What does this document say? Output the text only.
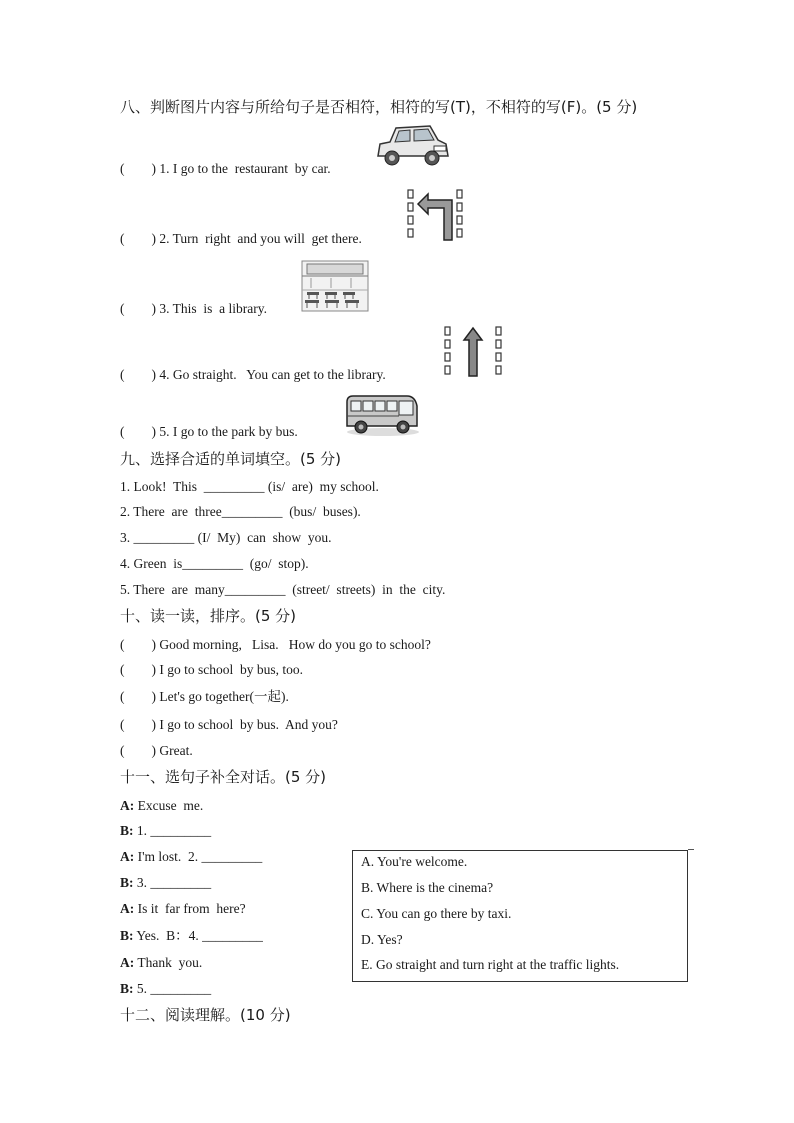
八、判断图片内容与所给句子是否相符，相符的写(T)，不相符的写(F)。(5 分)
(        ) 1. I go to the  restaurant  by car.
(        ) 2. Turn  right  and you will  get there.
(        ) 3. This  is  a library.
(        ) 4. Go straight.   You can get to the library.
(        ) 5. I go to the park by bus.
九、选择合适的单词填空。(5 分)
1. Look!  This  _________ (is/  are)  my school.
2. There  are  three_________  (bus/  buses).
3. _________ (I/  My)  can  show  you.
4. Green  is_________  (go/  stop).
5. There  are  many_________  (street/  streets)  in  the  city.
十、读一读，排序。(5 分)
(        ) Good morning,   Lisa.   How do you go to school?
(        ) I go to school  by bus, too.
(        ) Let's go together(一起).
(        ) I go to school  by bus.  And you?
(        ) Great.
十一、选句子补全对话。(5 分)
A: Excuse  me.
B: 1. _________
A: I'm lost.  2. _________
B: 3. _________
A: Is it  far from  here?
B: Yes.  B：4. _________
A: Thank  you.
B: 5. _________
A. You're welcome.
B. Where is the cinema?
C. You can go there by taxi.
D. Yes?
E. Go straight and turn right at the traffic lights.
十二、阅读理解。(10 分)
